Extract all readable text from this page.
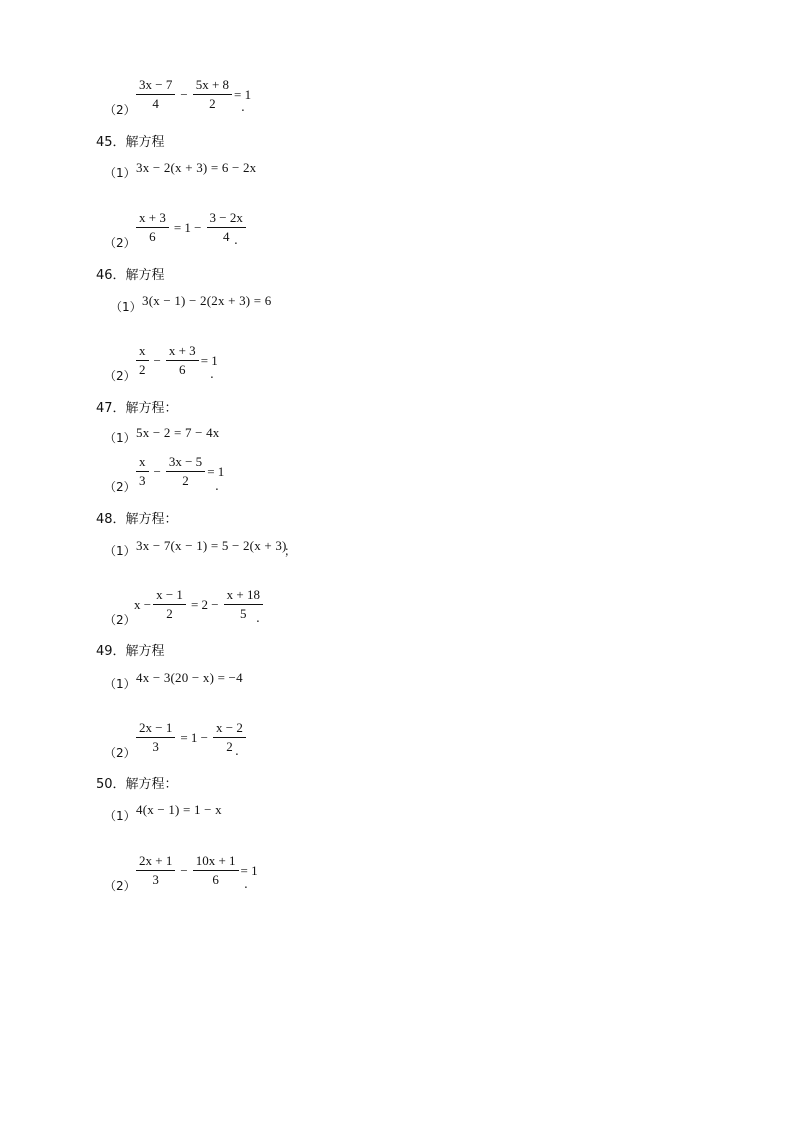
$(2) \frac{3x - 7}{4} - \frac{5x + 8}{2} = 1$
.
45．解方程
（1） 3x − 2(x + 3) = 6 − 2x
$(2) \frac{x + 3}{6} = 1 - \frac{3 - 2x}{4}$
.
46．解方程
（1） 3(x − 1) − 2(2x + 3) = 6
$(2) \frac{x}{2} - \frac{x + 3}{6} = 1$
.
47．解方程：
（1） 5x − 2 = 7 − 4x
$(2) \frac{x}{3} - \frac{3x - 5}{2} = 1$
.
48．解方程：
（1） 3x − 7(x − 1) = 5 − 2(x + 3)
；
（2）
$x - \frac{x - 1}{2} = 2 - \frac{x + 18}{5}$
.
49．解方程
（1） 4x − 3(20 − x) = −4
$(2) \frac{2x - 1}{3} = 1 - \frac{x - 2}{2}$
.
50．解方程：
（1） 4(x − 1) = 1 − x
$(2) \frac{2x + 1}{3} - \frac{10x + 1}{6} = 1$
.
